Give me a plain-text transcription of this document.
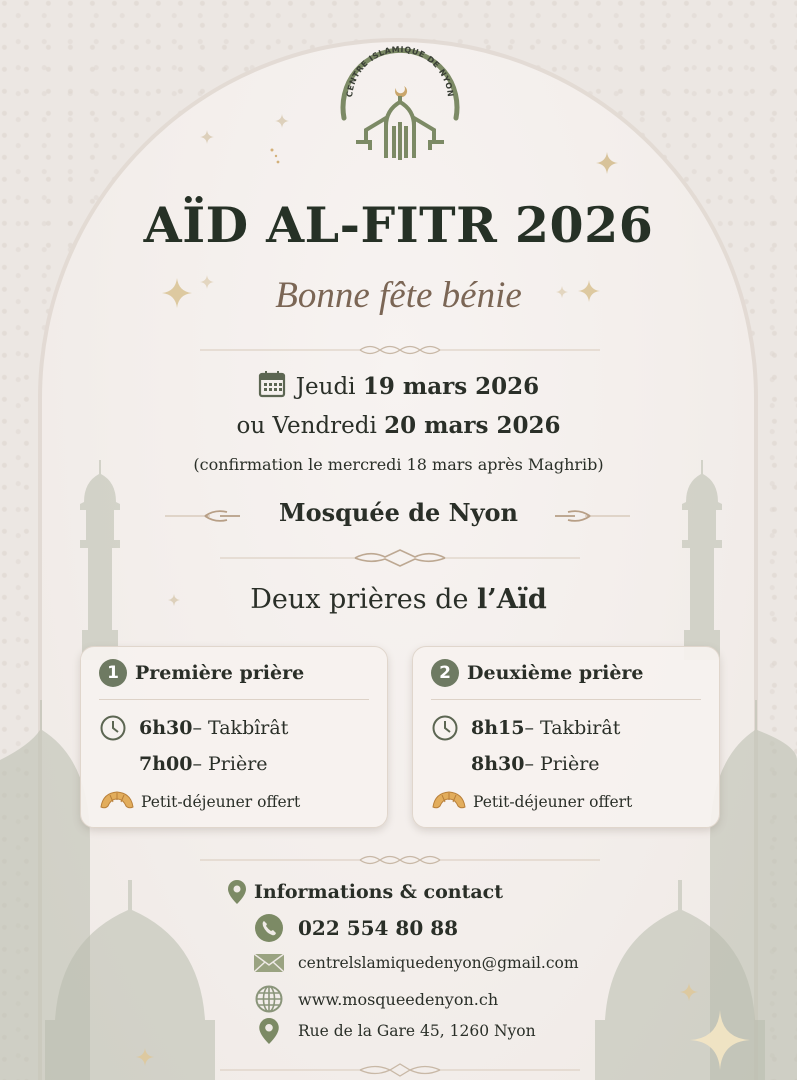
CENTRE ISLAMIQUE DE NYON
AÏD AL-FITR 2026
Bonne fête bénie
Jeudi 19 mars 2026
ou Vendredi 20 mars 2026
(confirmation le mercredi 18 mars après Maghrib)
Mosquée de Nyon
Deux prières de l’Aïd
1 Première prière
6h30 – Takbîrât
7h00 – Prière
Petit-déjeuner offert
2 Deuxième prière
8h15 – Takbirât
8h30 – Prière
Petit-déjeuner offert
Informations & contact
022 554 80 88
centrelslamiquedenyon@gmail.com
www.mosqueedenyon.ch
Rue de la Gare 45, 1260 Nyon
